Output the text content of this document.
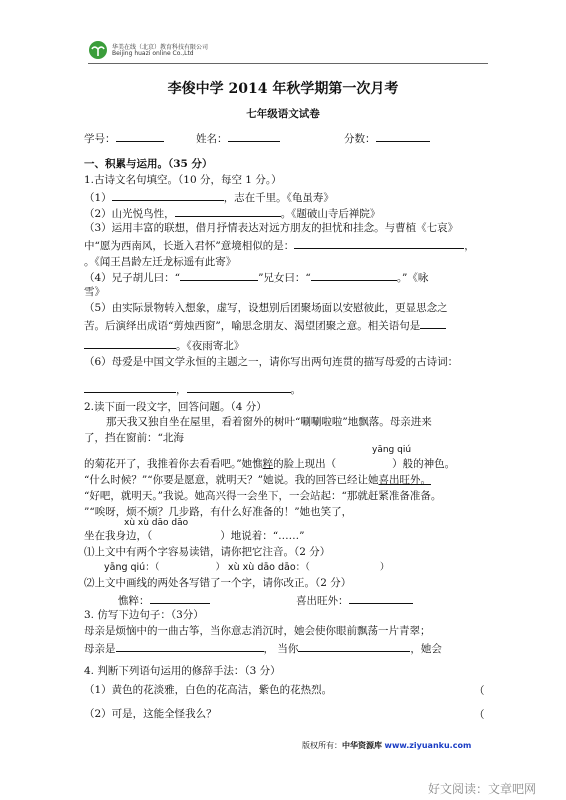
华美在线（北京）教育科技有限公司
Beijing huazi online Co.,Ltd
李俊中学 2014 年秋学期第一次月考
七年级语文试卷
学号：	姓名：	分数：
一、积累与运用。（35 分）
1.古诗文名句填空。（10 分，每空 1 分。）
（1）	，志在千里。《龟虽寿》
（2）山光悦鸟性，	。《题破山寺后禅院》
（3）运用丰富的联想，借月抒情表达对远方朋友的担忧和挂念。与曹植《七哀》
中“愿为西南风，长逝入君怀”意境相似的是：	，
。《闻王昌龄左迁龙标遥有此寄》
（4）兄子胡儿曰：“	”兄女曰：“	。”《咏
雪》
（5）由实际景物转入想象，虚写，设想别后团聚场面以安慰彼此，更显思念之
苦。后演绎出成语“剪烛西窗”，喻思念朋友、渴望团聚之意。相关语句是
。《夜雨寄北》
（6）母爱是中国文学永恒的主题之一，请你写出两句连贯的描写母爱的古诗词：
，	。
2.读下面一段文字，回答问题。（4 分）
那天我又独自坐在屋里，看着窗外的树叶“唰唰啦啦”地飘落。母亲进来
了，挡在窗前：“北海
yāng qiú
的菊花开了，我推着你去看看吧。”她憔粹的脸上现出（	）般的神色。
“什么时候？”“你要是愿意，就明天？”她说。我的回答已经让她喜出旺外。
“好吧，就明天。”我说。她高兴得一会坐下，一会站起：“那就赶紧准备准备。
”“唉呀，烦不烦？几步路，有什么好准备的！”她也笑了，
xù xù dāo dāo
坐在我身边，（	）地说着：“……”
⑴上文中有两个字容易读错，请你把它注音。（2 分）
yāng qiú：（	） xù xù dāo dāo：（	）
⑵上文中画线的两处各写错了一个字，请你改正。（2 分）
憔粹：	喜出旺外：
3. 仿写下边句子：（3分）
母亲是烦恼中的一曲古筝，当你意志消沉时，她会使你眼前飘荡一片青翠；
母亲是	， 当你	，她会
4. 判断下列语句运用的修辞手法：（3 分）
（1）黄色的花淡雅，白色的花高洁，紫色的花热烈。	（
（2）可是，这能全怪我么？	（
版权所有：中华资源库 www.ziyuanku.com
好文阅读：文章吧网
